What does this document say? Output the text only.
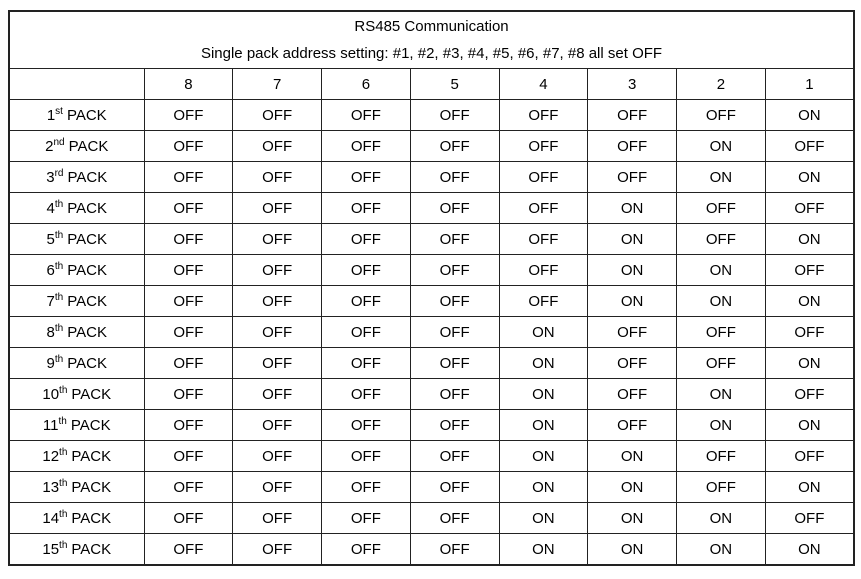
RS485 Communication
Single pack address setting: #1, #2, #3, #4, #5, #6, #7, #8 all set OFF								

	8	7	6	5	4	3	2	1
1st PACK	OFF	OFF	OFF	OFF	OFF	OFF	OFF	ON
2nd PACK	OFF	OFF	OFF	OFF	OFF	OFF	ON	OFF
3rd PACK	OFF	OFF	OFF	OFF	OFF	OFF	ON	ON
4th PACK	OFF	OFF	OFF	OFF	OFF	ON	OFF	OFF
5th PACK	OFF	OFF	OFF	OFF	OFF	ON	OFF	ON
6th PACK	OFF	OFF	OFF	OFF	OFF	ON	ON	OFF
7th PACK	OFF	OFF	OFF	OFF	OFF	ON	ON	ON
8th PACK	OFF	OFF	OFF	OFF	ON	OFF	OFF	OFF
9th PACK	OFF	OFF	OFF	OFF	ON	OFF	OFF	ON
10th PACK	OFF	OFF	OFF	OFF	ON	OFF	ON	OFF
11th PACK	OFF	OFF	OFF	OFF	ON	OFF	ON	ON
12th PACK	OFF	OFF	OFF	OFF	ON	ON	OFF	OFF
13th PACK	OFF	OFF	OFF	OFF	ON	ON	OFF	ON
14th PACK	OFF	OFF	OFF	OFF	ON	ON	ON	OFF
15th PACK	OFF	OFF	OFF	OFF	ON	ON	ON	ON
